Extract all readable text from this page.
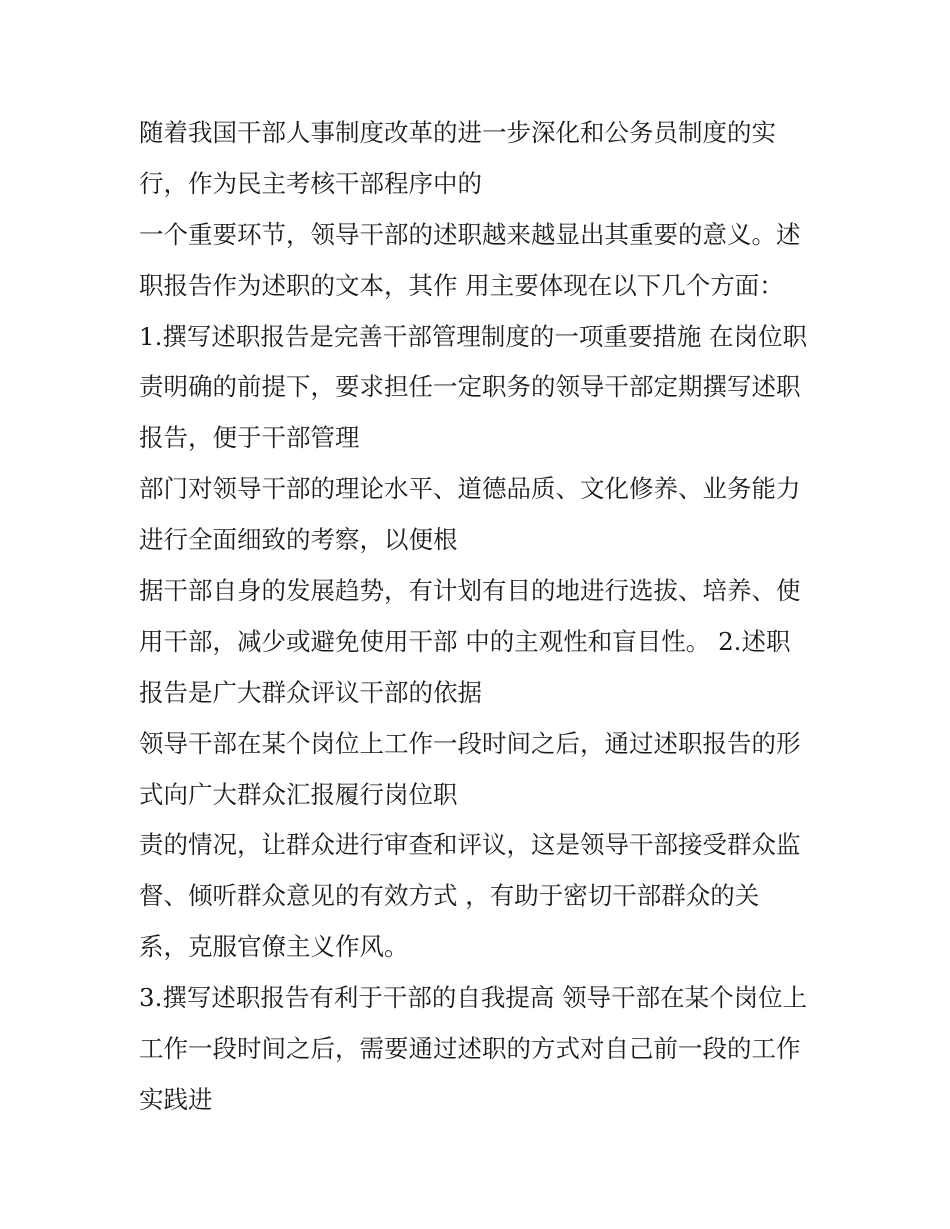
随着我国干部人事制度改革的进一步深化和公务员制度的实
行，作为民主考核干部程序中的
一个重要环节，领导干部的述职越来越显出其重要的意义。述
职报告作为述职的文本，其作 用主要体现在以下几个方面：
1.撰写述职报告是完善干部管理制度的一项重要措施 在岗位职
责明确的前提下，要求担任一定职务的领导干部定期撰写述职
报告，便于干部管理
部门对领导干部的理论水平、道德品质、文化修养、业务能力
进行全面细致的考察，以便根
据干部自身的发展趋势，有计划有目的地进行选拔、培养、使
用干部，减少或避免使用干部 中的主观性和盲目性。 2.述职
报告是广大群众评议干部的依据
领导干部在某个岗位上工作一段时间之后，通过述职报告的形
式向广大群众汇报履行岗位职
责的情况，让群众进行审查和评议，这是领导干部接受群众监
督、倾听群众意见的有效方式 ，有助于密切干部群众的关
系，克服官僚主义作风。
3.撰写述职报告有利于干部的自我提高 领导干部在某个岗位上
工作一段时间之后，需要通过述职的方式对自己前一段的工作
实践进
